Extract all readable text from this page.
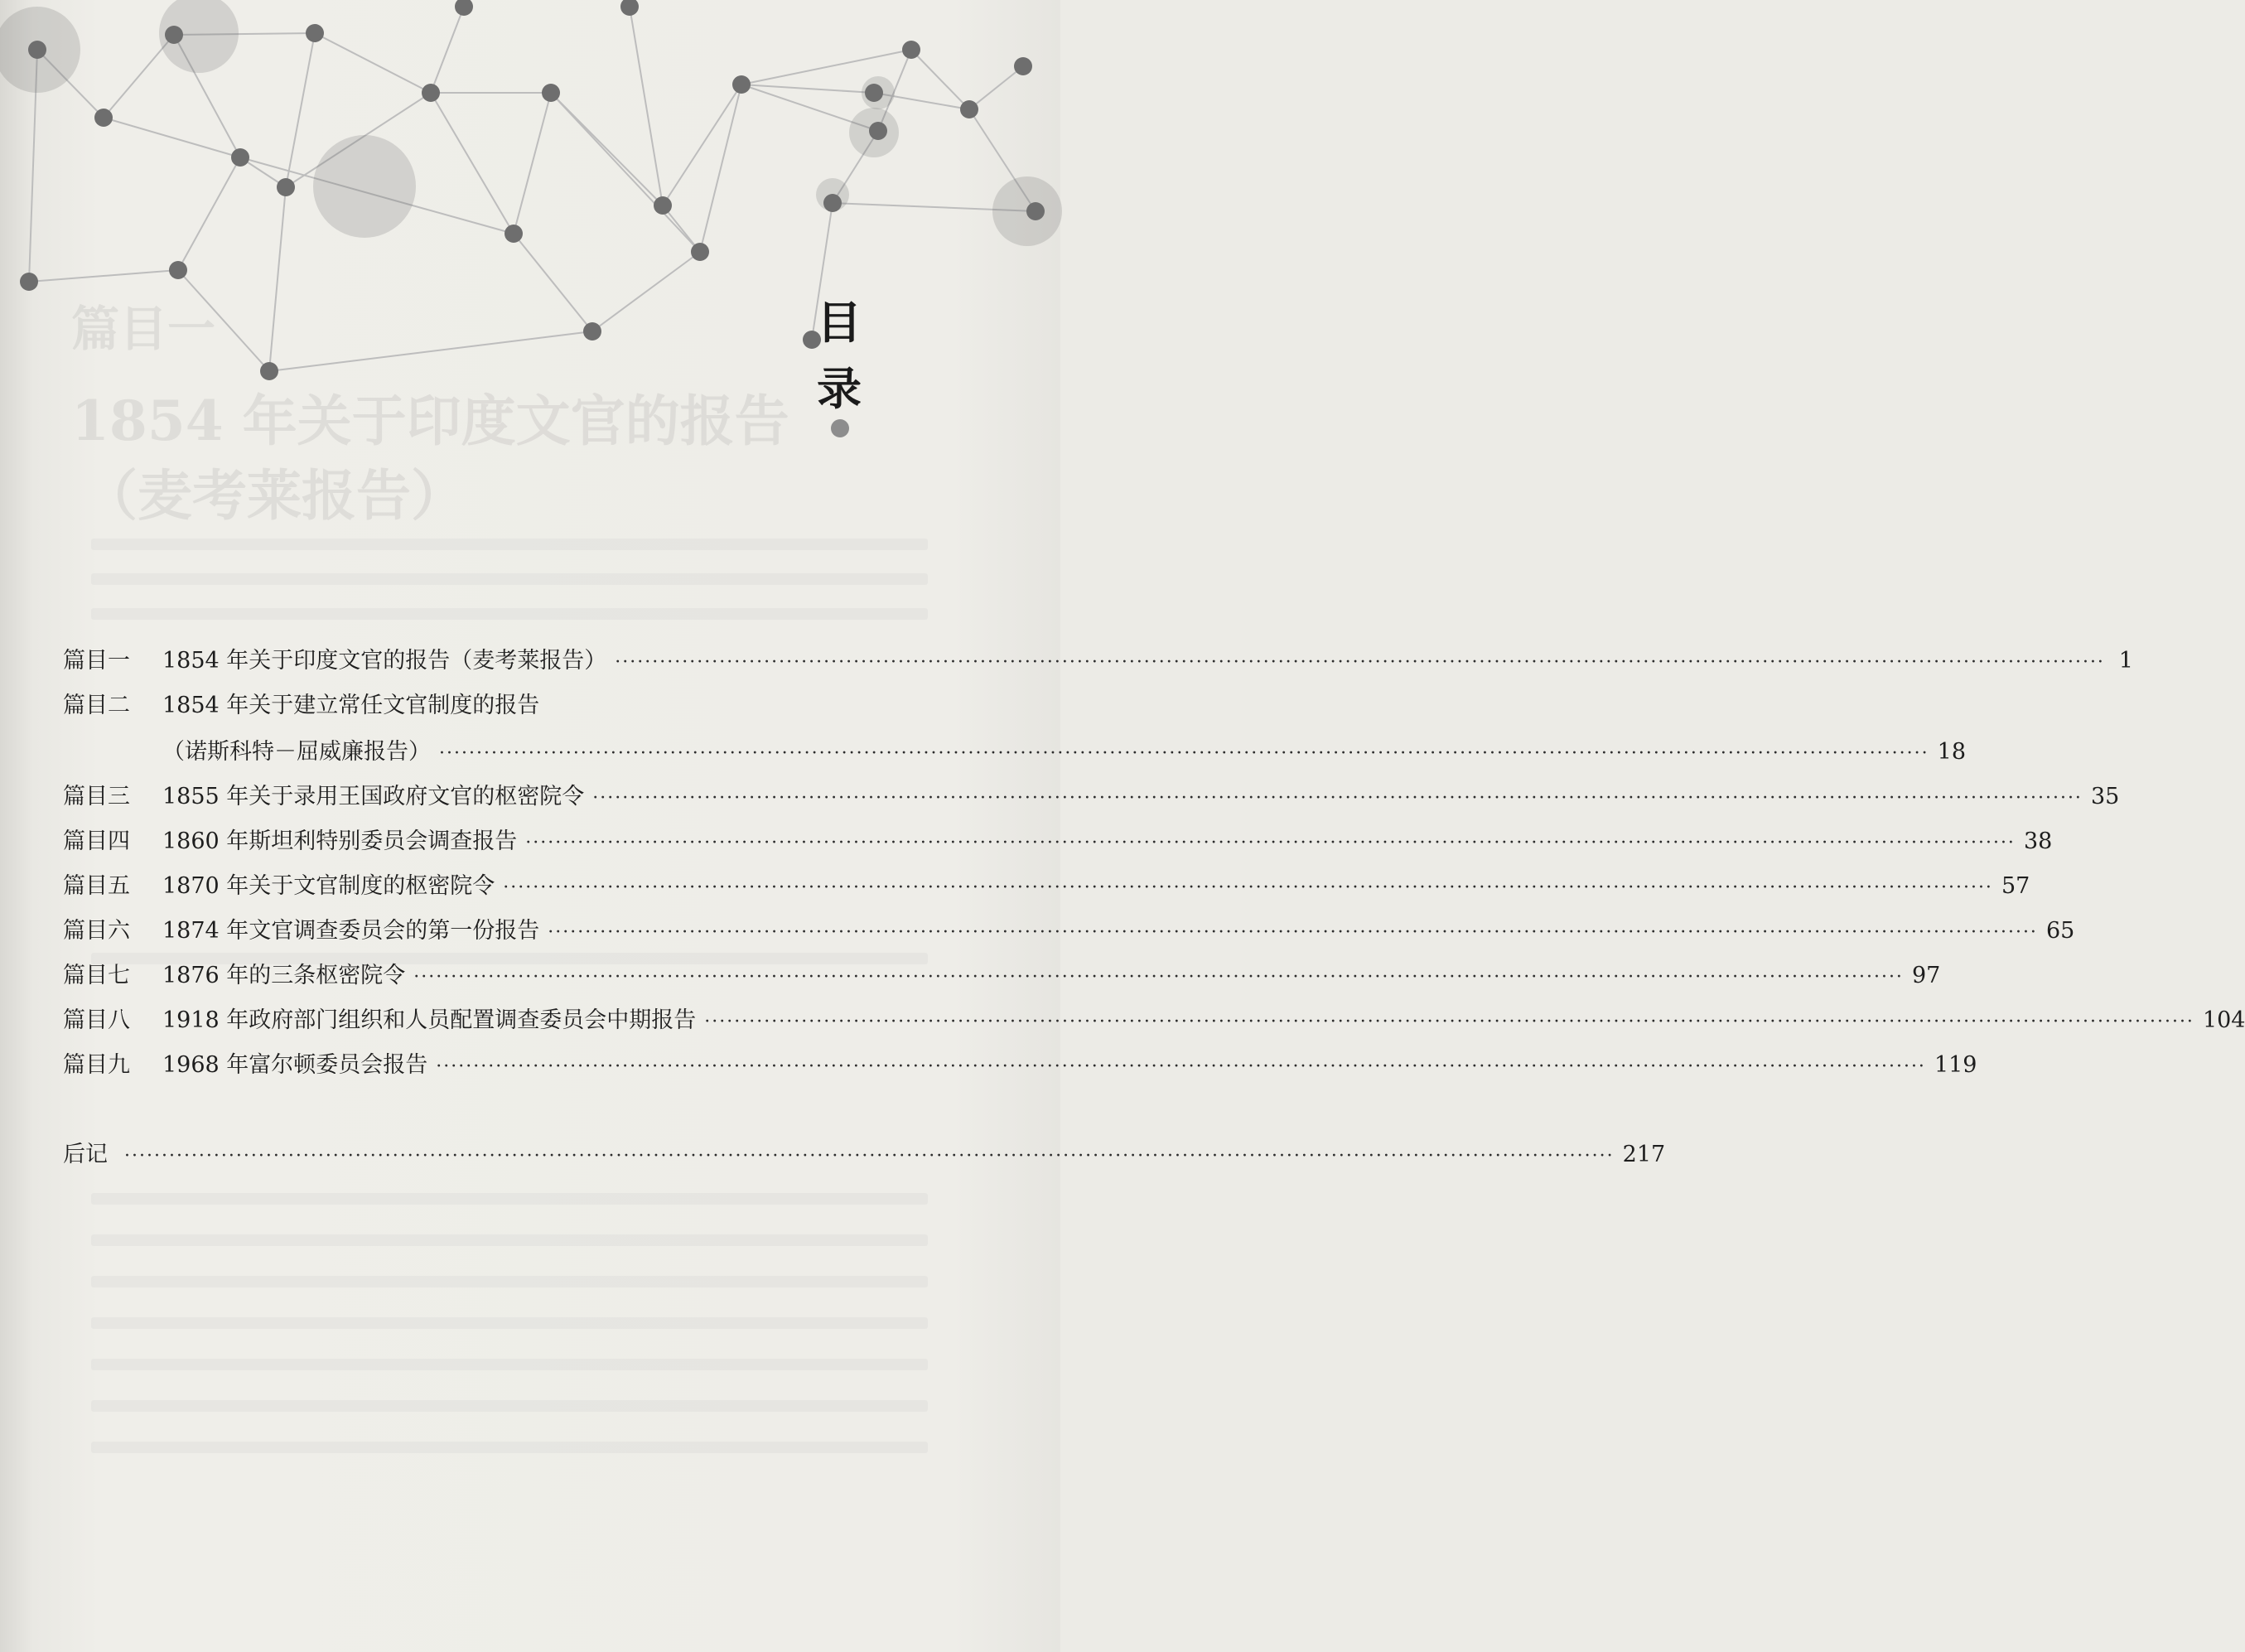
篇目一
1854 年关于印度文官的报告
（麦考莱报告）
目
录
篇目一	1854 年关于印度文官的报告（麦考莱报告） ········································································································································································································ 1
篇目二	1854 年关于建立常任文官制度的报告
（诺斯科特－屈威廉报告） ········································································································································································································ 18
篇目三	1855 年关于录用王国政府文官的枢密院令 ········································································································································································································ 35
篇目四	1860 年斯坦利特别委员会调查报告 ········································································································································································································ 38
篇目五	1870 年关于文官制度的枢密院令 ········································································································································································································ 57
篇目六	1874 年文官调查委员会的第一份报告 ········································································································································································································ 65
篇目七	1876 年的三条枢密院令 ········································································································································································································ 97
篇目八	1918 年政府部门组织和人员配置调查委员会中期报告 ········································································································································································································ 104
篇目九	1968 年富尔顿委员会报告 ········································································································································································································ 119
后记 ········································································································································································································ 217
